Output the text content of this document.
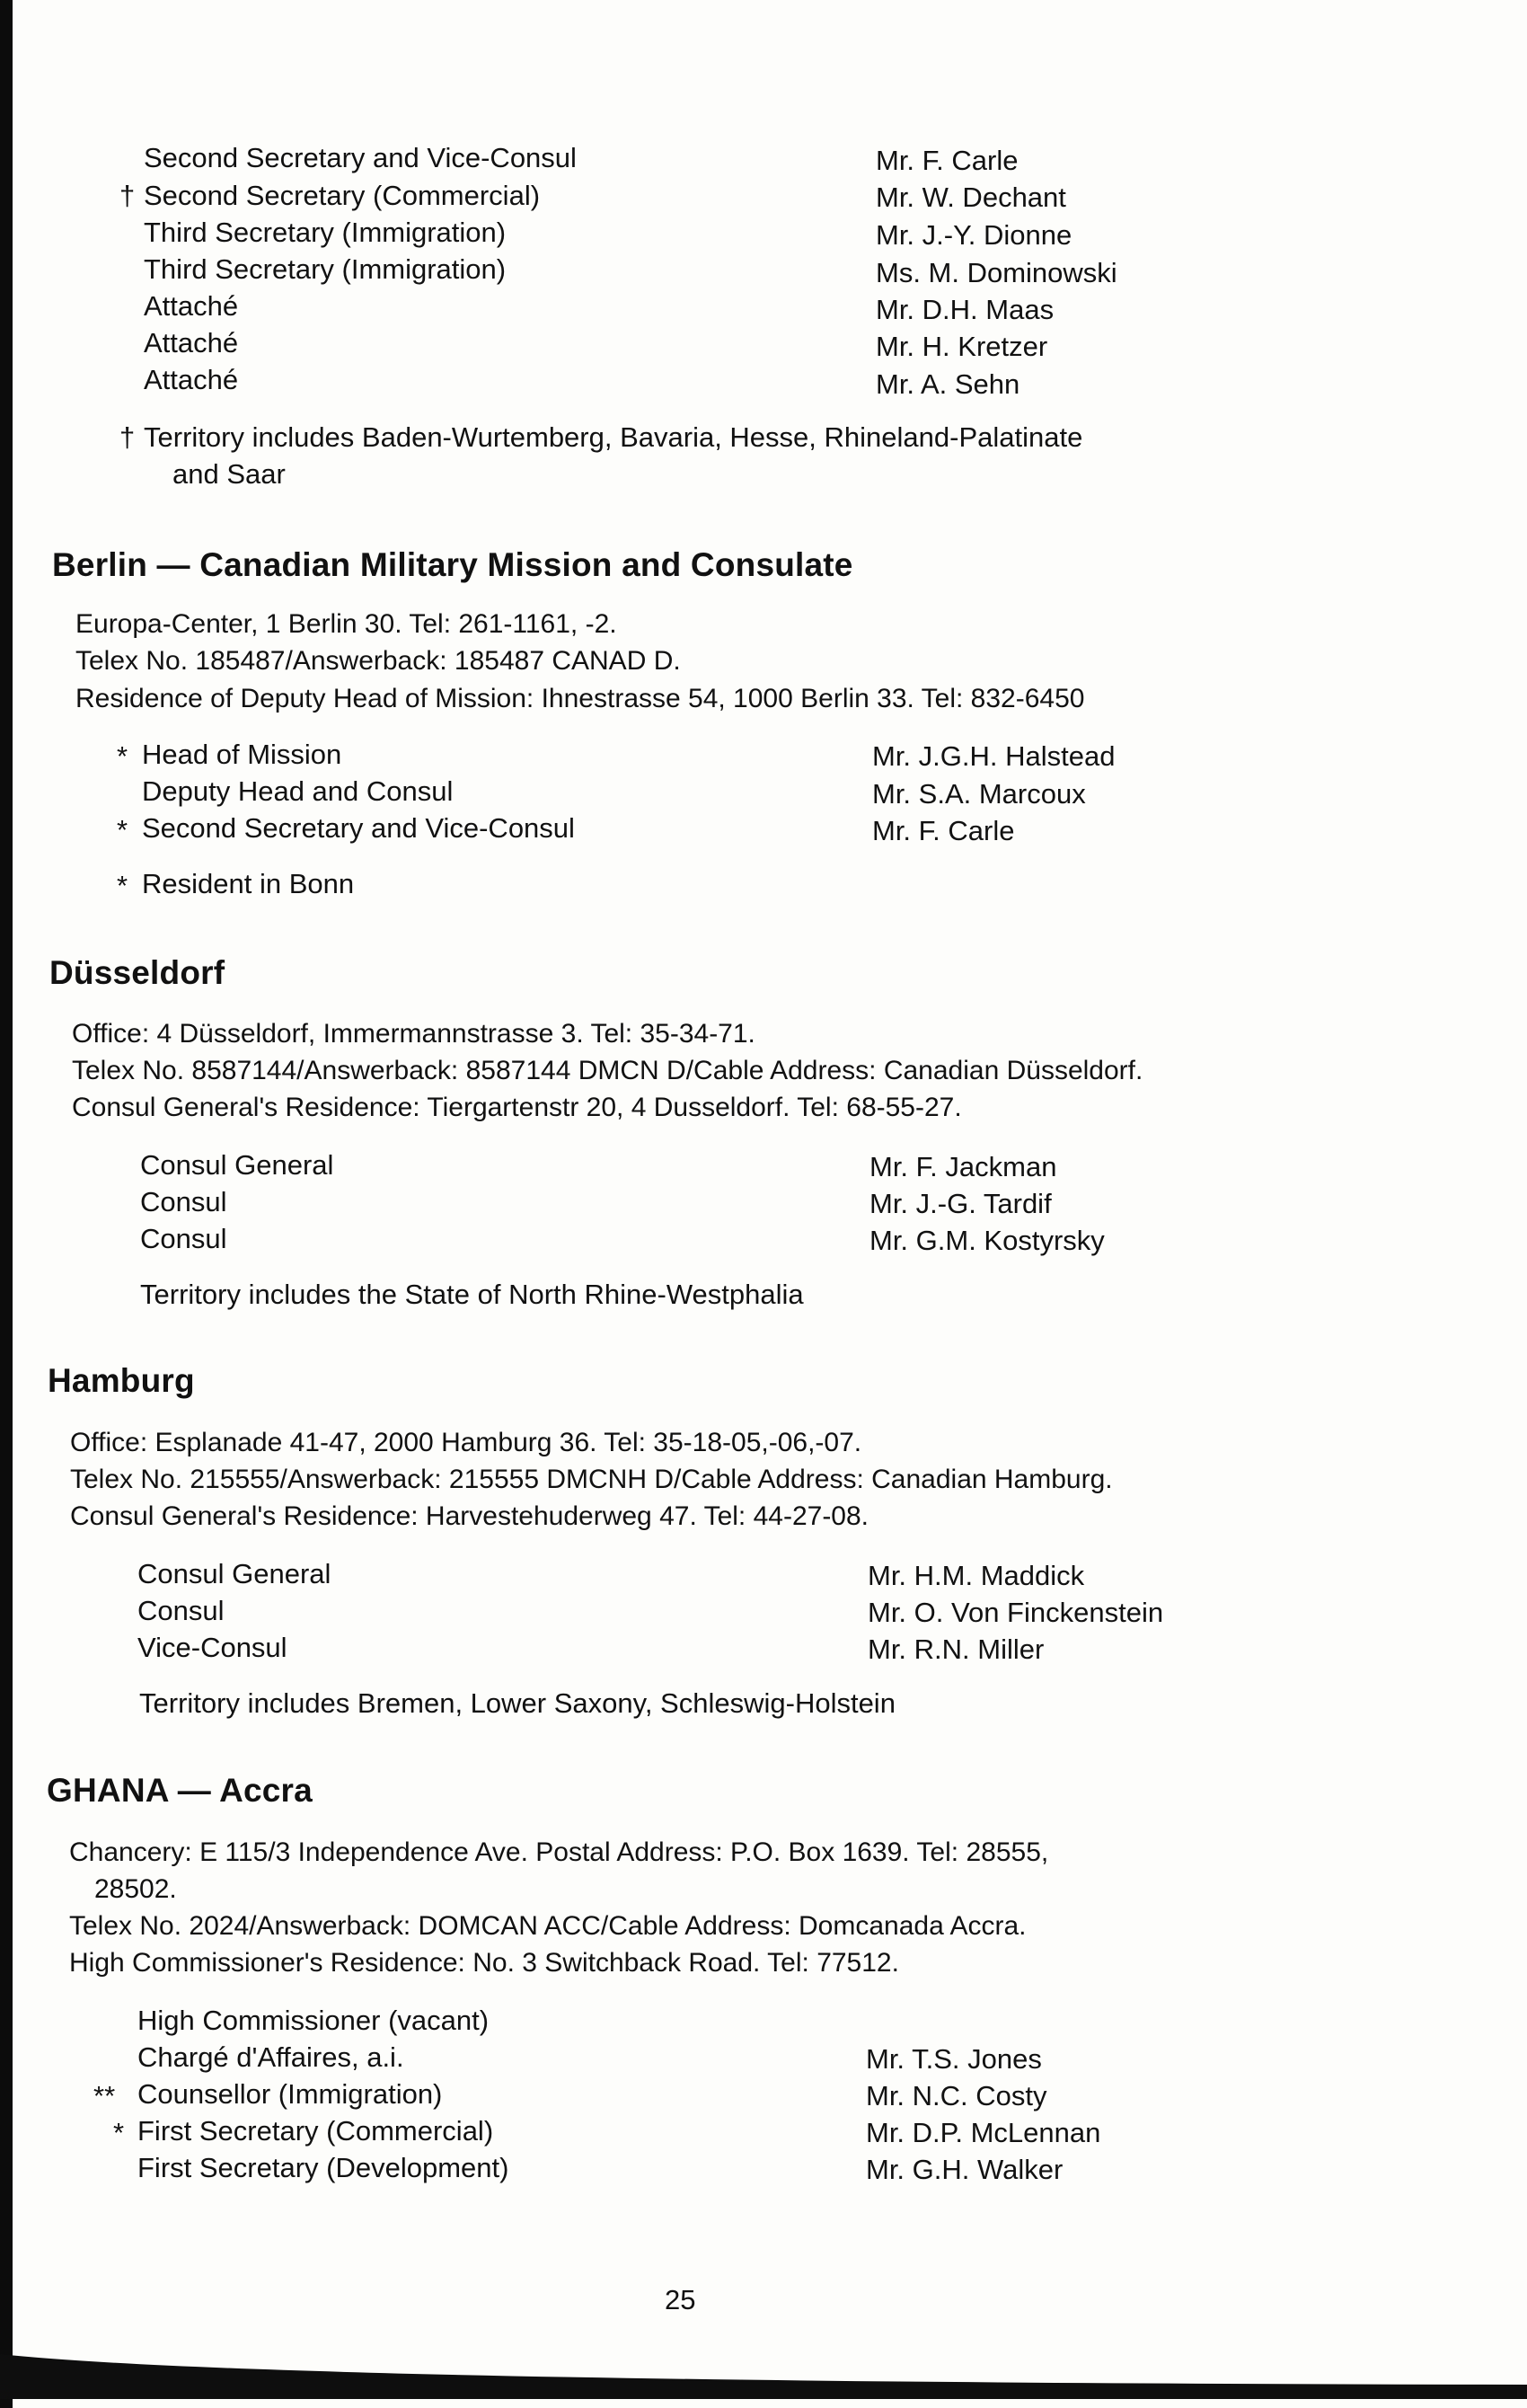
Second Secretary and Vice-Consul	Mr. F. Carle
† Second Secretary (Commercial)	Mr. W. Dechant
Third Secretary (Immigration)	Mr. J.-Y. Dionne
Third Secretary (Immigration)	Ms. M. Dominowski
Attaché	Mr. D.H. Maas
Attaché	Mr. H. Kretzer
Attaché	Mr. A. Sehn
† Territory includes Baden-Wurtemberg, Bavaria, Hesse, Rhineland-Palatinate
and Saar
Berlin — Canadian Military Mission and Consulate
Europa-Center, 1 Berlin 30. Tel: 261-1161, -2.
Telex No. 185487/Answerback: 185487 CANAD D.
Residence of Deputy Head of Mission: Ihnestrasse 54, 1000 Berlin 33. Tel: 832-6450
* Head of Mission	Mr. J.G.H. Halstead
Deputy Head and Consul	Mr. S.A. Marcoux
* Second Secretary and Vice-Consul	Mr. F. Carle
* Resident in Bonn
Düsseldorf
Office: 4 Düsseldorf, Immermannstrasse 3. Tel: 35-34-71.
Telex No. 8587144/Answerback: 8587144 DMCN D/Cable Address: Canadian Düsseldorf.
Consul General's Residence: Tiergartenstr 20, 4 Dusseldorf. Tel: 68-55-27.
Consul General	Mr. F. Jackman
Consul	Mr. J.-G. Tardif
Consul	Mr. G.M. Kostyrsky
Territory includes the State of North Rhine-Westphalia
Hamburg
Office: Esplanade 41-47, 2000 Hamburg 36. Tel: 35-18-05,-06,-07.
Telex No. 215555/Answerback: 215555 DMCNH D/Cable Address: Canadian Hamburg.
Consul General's Residence: Harvestehuderweg 47. Tel: 44-27-08.
Consul General	Mr. H.M. Maddick
Consul	Mr. O. Von Finckenstein
Vice-Consul	Mr. R.N. Miller
Territory includes Bremen, Lower Saxony, Schleswig-Holstein
GHANA — Accra
Chancery: E 115/3 Independence Ave. Postal Address: P.O. Box 1639. Tel: 28555,
28502.
Telex No. 2024/Answerback: DOMCAN ACC/Cable Address: Domcanada Accra.
High Commissioner's Residence: No. 3 Switchback Road. Tel: 77512.
High Commissioner (vacant)
Chargé d'Affaires, a.i.	Mr. T.S. Jones
** Counsellor (Immigration)	Mr. N.C. Costy
* First Secretary (Commercial)	Mr. D.P. McLennan
First Secretary (Development)	Mr. G.H. Walker
25
